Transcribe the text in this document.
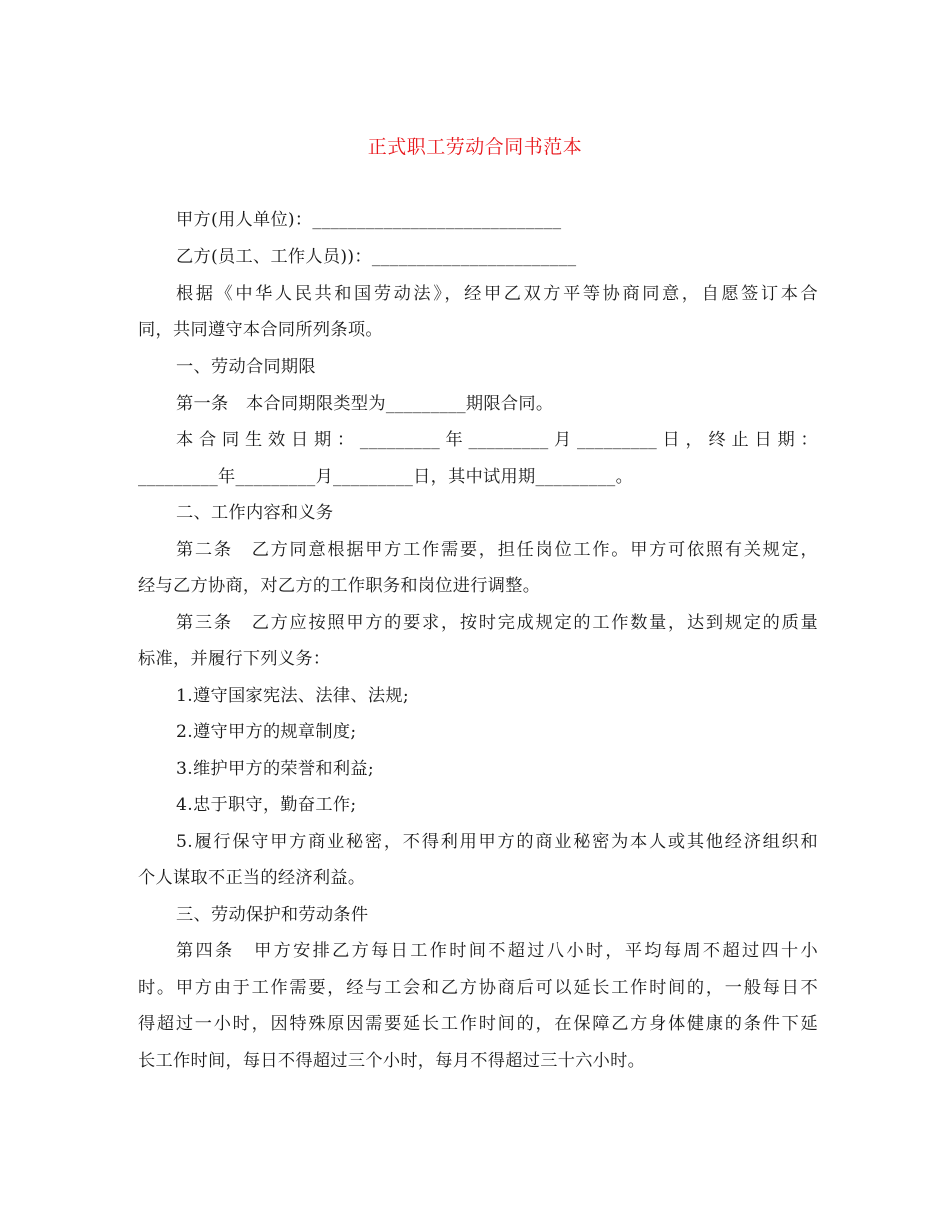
正式职工劳动合同书范本
甲方(用人单位)：____________________________
乙方(员工、工作人员))：_______________________
根据《中华人民共和国劳动法》，经甲乙双方平等协商同意，自愿签订本合
同，共同遵守本合同所列条项。
一、劳动合同期限
第一条　本合同期限类型为_________期限合同。
本合同生效日期：_________年_________月_________日，终止日期：
_________年_________月_________日，其中试用期_________。
二、工作内容和义务
第二条　乙方同意根据甲方工作需要，担任岗位工作。甲方可依照有关规定，
经与乙方协商，对乙方的工作职务和岗位进行调整。
第三条　乙方应按照甲方的要求，按时完成规定的工作数量，达到规定的质量
标准，并履行下列义务：
1.遵守国家宪法、法律、法规;
2.遵守甲方的规章制度;
3.维护甲方的荣誉和利益;
4.忠于职守，勤奋工作;
5.履行保守甲方商业秘密，不得利用甲方的商业秘密为本人或其他经济组织和
个人谋取不正当的经济利益。
三、劳动保护和劳动条件
第四条　甲方安排乙方每日工作时间不超过八小时，平均每周不超过四十小
时。甲方由于工作需要，经与工会和乙方协商后可以延长工作时间的，一般每日不
得超过一小时，因特殊原因需要延长工作时间的，在保障乙方身体健康的条件下延
长工作时间，每日不得超过三个小时，每月不得超过三十六小时。
